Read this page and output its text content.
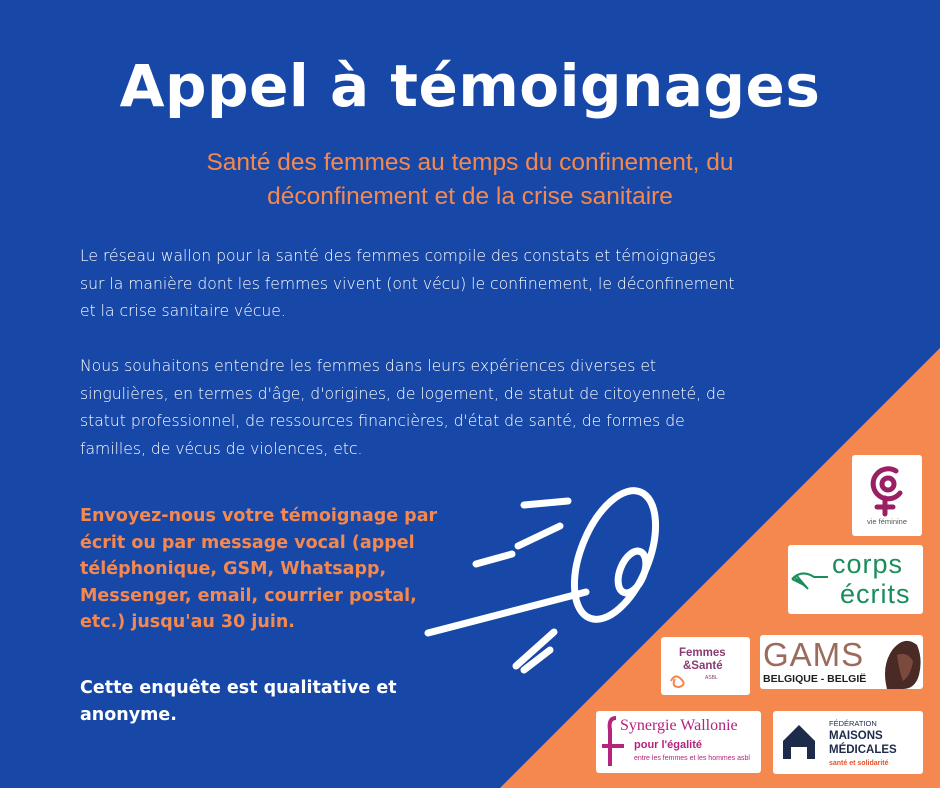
Appel à témoignages

Santé des femmes au temps du confinement, du
déconfinement et de la crise sanitaire

Le réseau wallon pour la santé des femmes compile des constats et témoignages
sur la manière dont les femmes vivent (ont vécu) le confinement, le déconfinement
et la crise sanitaire vécue.

Nous souhaitons entendre les femmes dans leurs expériences diverses et
singulières, en termes d'âge, d'origines, de logement, de statut de citoyenneté, de
statut professionnel, de ressources financières, d'état de santé, de formes de
familles, de vécus de violences, etc.

Envoyez-nous votre témoignage par
écrit ou par message vocal (appel
téléphonique, GSM, Whatsapp,
Messenger, email, courrier postal,
etc.) jusqu'au 30 juin.

Cette enquête est qualitative et
anonyme.

vie féminine
corps
écrits
Femmes
&Santé
ASBL
GAMS
BELGIQUE - BELGIË
Synergie Wallonie
pour l'égalité
entre les femmes et les hommes asbl
FÉDÉRATION
MAISONS
MÉDICALES
santé et solidarité
